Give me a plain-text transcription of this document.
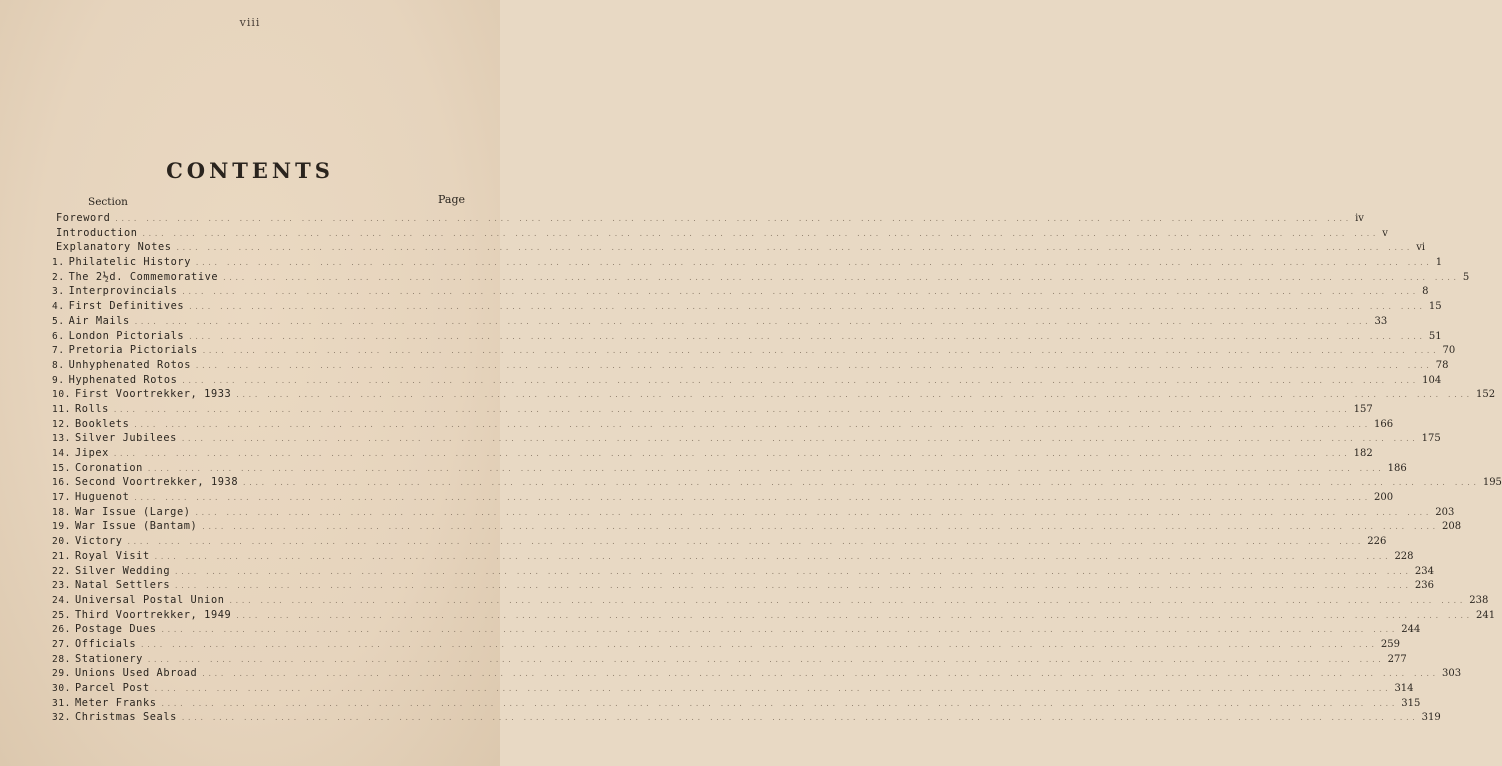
viii
CONTENTS
Section	Page
Foreword .... .... .... .... .... .... .... .... .... .... .... .... .... .... .... .... .... .... .... .... .... .... .... .... .... .... .... .... .... .... .... .... .... .... .... .... .... .... .... .... iv
Introduction .... .... .... .... .... .... .... .... .... .... .... .... .... .... .... .... .... .... .... .... .... .... .... .... .... .... .... .... .... .... .... .... .... .... .... .... .... .... .... .... v
Explanatory Notes .... .... .... .... .... .... .... .... .... .... .... .... .... .... .... .... .... .... .... .... .... .... .... .... .... .... .... .... .... .... .... .... .... .... .... .... .... .... .... .... vi
1. Philatelic History .... .... .... .... .... .... .... .... .... .... .... .... .... .... .... .... .... .... .... .... .... .... .... .... .... .... .... .... .... .... .... .... .... .... .... .... .... .... .... .... 1
2. The 2½d. Commemorative .... .... .... .... .... .... .... .... .... .... .... .... .... .... .... .... .... .... .... .... .... .... .... .... .... .... .... .... .... .... .... .... .... .... .... .... .... .... .... .... 5
3. Interprovincials .... .... .... .... .... .... .... .... .... .... .... .... .... .... .... .... .... .... .... .... .... .... .... .... .... .... .... .... .... .... .... .... .... .... .... .... .... .... .... .... 8
4. First Definitives .... .... .... .... .... .... .... .... .... .... .... .... .... .... .... .... .... .... .... .... .... .... .... .... .... .... .... .... .... .... .... .... .... .... .... .... .... .... .... .... 15
5. Air Mails .... .... .... .... .... .... .... .... .... .... .... .... .... .... .... .... .... .... .... .... .... .... .... .... .... .... .... .... .... .... .... .... .... .... .... .... .... .... .... .... 33
6. London Pictorials .... .... .... .... .... .... .... .... .... .... .... .... .... .... .... .... .... .... .... .... .... .... .... .... .... .... .... .... .... .... .... .... .... .... .... .... .... .... .... .... 51
7. Pretoria Pictorials .... .... .... .... .... .... .... .... .... .... .... .... .... .... .... .... .... .... .... .... .... .... .... .... .... .... .... .... .... .... .... .... .... .... .... .... .... .... .... .... 70
8. Unhyphenated Rotos .... .... .... .... .... .... .... .... .... .... .... .... .... .... .... .... .... .... .... .... .... .... .... .... .... .... .... .... .... .... .... .... .... .... .... .... .... .... .... .... 78
9. Hyphenated Rotos .... .... .... .... .... .... .... .... .... .... .... .... .... .... .... .... .... .... .... .... .... .... .... .... .... .... .... .... .... .... .... .... .... .... .... .... .... .... .... .... 104
10. First Voortrekker, 1933 .... .... .... .... .... .... .... .... .... .... .... .... .... .... .... .... .... .... .... .... .... .... .... .... .... .... .... .... .... .... .... .... .... .... .... .... .... .... .... .... 152
11. Rolls .... .... .... .... .... .... .... .... .... .... .... .... .... .... .... .... .... .... .... .... .... .... .... .... .... .... .... .... .... .... .... .... .... .... .... .... .... .... .... .... 157
12. Booklets .... .... .... .... .... .... .... .... .... .... .... .... .... .... .... .... .... .... .... .... .... .... .... .... .... .... .... .... .... .... .... .... .... .... .... .... .... .... .... .... 166
13. Silver Jubilees .... .... .... .... .... .... .... .... .... .... .... .... .... .... .... .... .... .... .... .... .... .... .... .... .... .... .... .... .... .... .... .... .... .... .... .... .... .... .... .... 175
14. Jipex .... .... .... .... .... .... .... .... .... .... .... .... .... .... .... .... .... .... .... .... .... .... .... .... .... .... .... .... .... .... .... .... .... .... .... .... .... .... .... .... 182
15. Coronation .... .... .... .... .... .... .... .... .... .... .... .... .... .... .... .... .... .... .... .... .... .... .... .... .... .... .... .... .... .... .... .... .... .... .... .... .... .... .... .... 186
16. Second Voortrekker, 1938 .... .... .... .... .... .... .... .... .... .... .... .... .... .... .... .... .... .... .... .... .... .... .... .... .... .... .... .... .... .... .... .... .... .... .... .... .... .... .... .... 195
17. Huguenot .... .... .... .... .... .... .... .... .... .... .... .... .... .... .... .... .... .... .... .... .... .... .... .... .... .... .... .... .... .... .... .... .... .... .... .... .... .... .... .... 200
18. War Issue (Large) .... .... .... .... .... .... .... .... .... .... .... .... .... .... .... .... .... .... .... .... .... .... .... .... .... .... .... .... .... .... .... .... .... .... .... .... .... .... .... .... 203
19. War Issue (Bantam) .... .... .... .... .... .... .... .... .... .... .... .... .... .... .... .... .... .... .... .... .... .... .... .... .... .... .... .... .... .... .... .... .... .... .... .... .... .... .... .... 208
20. Victory .... .... .... .... .... .... .... .... .... .... .... .... .... .... .... .... .... .... .... .... .... .... .... .... .... .... .... .... .... .... .... .... .... .... .... .... .... .... .... .... 226
21. Royal Visit .... .... .... .... .... .... .... .... .... .... .... .... .... .... .... .... .... .... .... .... .... .... .... .... .... .... .... .... .... .... .... .... .... .... .... .... .... .... .... .... 228
22. Silver Wedding .... .... .... .... .... .... .... .... .... .... .... .... .... .... .... .... .... .... .... .... .... .... .... .... .... .... .... .... .... .... .... .... .... .... .... .... .... .... .... .... 234
23. Natal Settlers .... .... .... .... .... .... .... .... .... .... .... .... .... .... .... .... .... .... .... .... .... .... .... .... .... .... .... .... .... .... .... .... .... .... .... .... .... .... .... .... 236
24. Universal Postal Union .... .... .... .... .... .... .... .... .... .... .... .... .... .... .... .... .... .... .... .... .... .... .... .... .... .... .... .... .... .... .... .... .... .... .... .... .... .... .... .... 238
25. Third Voortrekker, 1949 .... .... .... .... .... .... .... .... .... .... .... .... .... .... .... .... .... .... .... .... .... .... .... .... .... .... .... .... .... .... .... .... .... .... .... .... .... .... .... .... 241
26. Postage Dues .... .... .... .... .... .... .... .... .... .... .... .... .... .... .... .... .... .... .... .... .... .... .... .... .... .... .... .... .... .... .... .... .... .... .... .... .... .... .... .... 244
27. Officials .... .... .... .... .... .... .... .... .... .... .... .... .... .... .... .... .... .... .... .... .... .... .... .... .... .... .... .... .... .... .... .... .... .... .... .... .... .... .... .... 259
28. Stationery .... .... .... .... .... .... .... .... .... .... .... .... .... .... .... .... .... .... .... .... .... .... .... .... .... .... .... .... .... .... .... .... .... .... .... .... .... .... .... .... 277
29. Unions Used Abroad .... .... .... .... .... .... .... .... .... .... .... .... .... .... .... .... .... .... .... .... .... .... .... .... .... .... .... .... .... .... .... .... .... .... .... .... .... .... .... .... 303
30. Parcel Post .... .... .... .... .... .... .... .... .... .... .... .... .... .... .... .... .... .... .... .... .... .... .... .... .... .... .... .... .... .... .... .... .... .... .... .... .... .... .... .... 314
31. Meter Franks .... .... .... .... .... .... .... .... .... .... .... .... .... .... .... .... .... .... .... .... .... .... .... .... .... .... .... .... .... .... .... .... .... .... .... .... .... .... .... .... 315
32. Christmas Seals .... .... .... .... .... .... .... .... .... .... .... .... .... .... .... .... .... .... .... .... .... .... .... .... .... .... .... .... .... .... .... .... .... .... .... .... .... .... .... .... 319
